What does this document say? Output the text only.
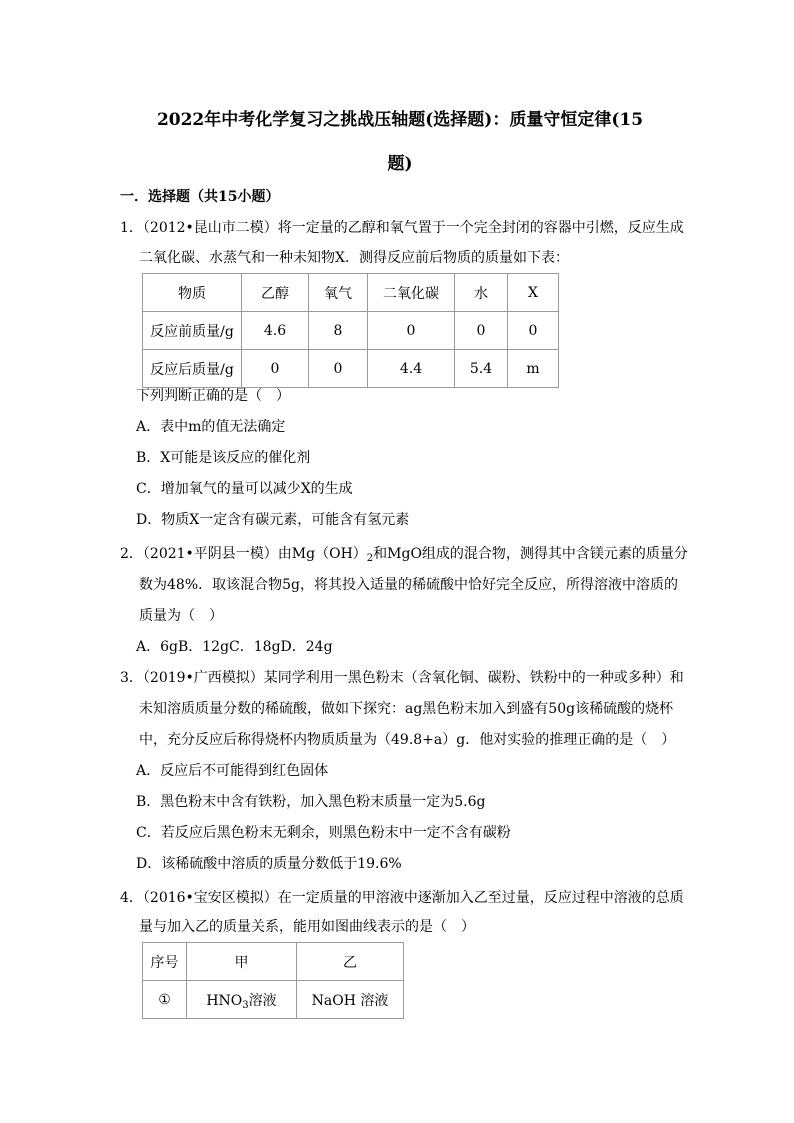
2022年中考化学复习之挑战压轴题(选择题)：质量守恒定律(15
题)
一．选择题（共15小题）
1．（2012•昆山市二模）将一定量的乙醇和氧气置于一个完全封闭的容器中引燃，反应生成
二氧化碳、水蒸气和一种未知物X．测得反应前后物质的质量如下表：
物质	乙醇	氧气	二氧化碳	水	X
反应前质量/g	4.6	8	0	0	0
反应后质量/g	0	0	4.4	5.4	m
下列判断正确的是（　）
A．表中m的值无法确定
B．X可能是该反应的催化剂
C．增加氧气的量可以减少X的生成
D．物质X一定含有碳元素，可能含有氢元素
2．（2021•平阴县一模）由$Mg(OH)_2$和MgO组成的混合物，测得其中含镁元素的质量分
数为48%．取该混合物5g，将其投入适量的稀硫酸中恰好完全反应，所得溶液中溶质的
质量为（　）
A．6gB．12gC．18gD．24g
3．（2019•广西模拟）某同学利用一黑色粉末（含氧化铜、碳粉、铁粉中的一种或多种）和
未知溶质质量分数的稀硫酸，做如下探究：ag黑色粉末加入到盛有50g该稀硫酸的烧杯
中，充分反应后称得烧杯内物质质量为（49.8+a）g．他对实验的推理正确的是（　）
A．反应后不可能得到红色固体
B．黑色粉末中含有铁粉，加入黑色粉末质量一定为5.6g
C．若反应后黑色粉末无剩余，则黑色粉末中一定不含有碳粉
D．该稀硫酸中溶质的质量分数低于19.6%
4．（2016•宝安区模拟）在一定质量的甲溶液中逐渐加入乙至过量，反应过程中溶液的总质
量与加入乙的质量关系，能用如图曲线表示的是（　）
序号	甲	乙
①	$HNO_3$溶液	NaOH 溶液
